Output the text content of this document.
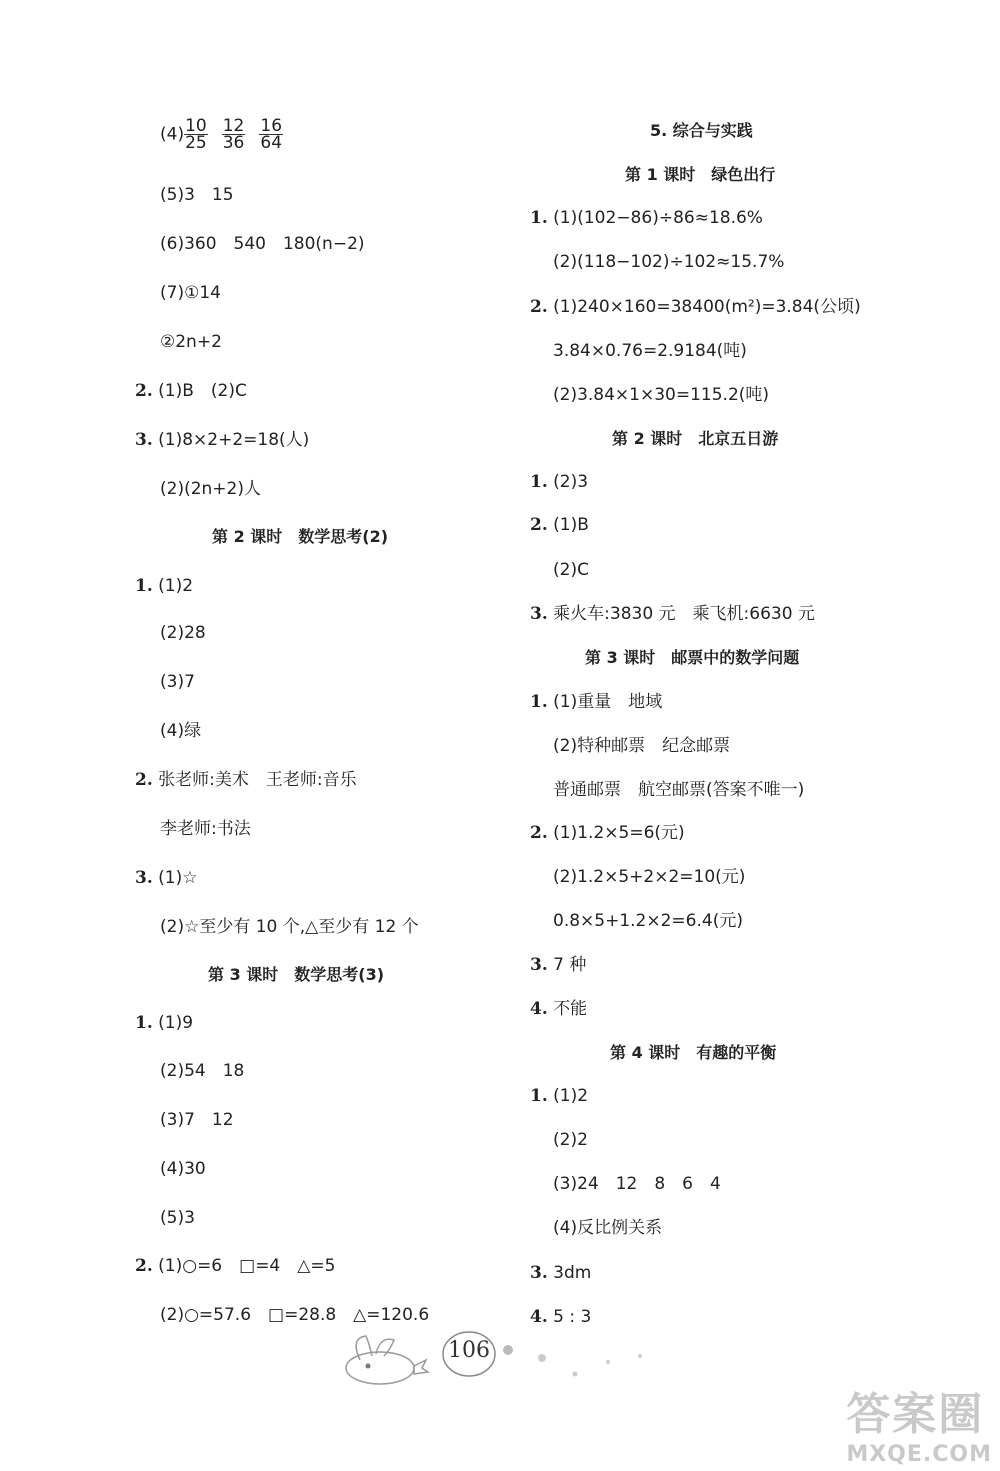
$(4) \frac{10}{25} \frac{12}{36} \frac{16}{64}$
(5)3　15
(6)360　540　180(n−2)
(7)①14
②2n+2
2. (1)B　(2)C
3. (1)8×2+2=18(人)
(2)(2n+2)人
第 2 课时　数学思考(2)
1. (1)2
(2)28
(3)7
(4)绿
2. 张老师:美术　王老师:音乐
李老师:书法
3. (1)☆
(2)☆至少有 10 个,△至少有 12 个
第 3 课时　数学思考(3)
1. (1)9
(2)54　18
(3)7　12
(4)30
(5)3
2. (1)○=6　□=4　△=5
(2)○=57.6　□=28.8　△=120.6
5. 综合与实践
第 1 课时　绿色出行
1. (1)(102−86)÷86≈18.6%
(2)(118−102)÷102≈15.7%
2. (1)240×160=38400(m²)=3.84(公顷)
3.84×0.76=2.9184(吨)
(2)3.84×1×30=115.2(吨)
第 2 课时　北京五日游
1. (2)3
2. (1)B
(2)C
3. 乘火车:3830 元　乘飞机:6630 元
第 3 课时　邮票中的数学问题
1. (1)重量　地域
(2)特种邮票　纪念邮票
普通邮票　航空邮票(答案不唯一)
2. (1)1.2×5=6(元)
(2)1.2×5+2×2=10(元)
0.8×5+1.2×2=6.4(元)
3. 7 种
4. 不能
第 4 课时　有趣的平衡
1. (1)2
(2)2
(3)24　12　8　6　4
(4)反比例关系
3. 3dm
4. 5 : 3
106
答案圈
MXQE.COM
